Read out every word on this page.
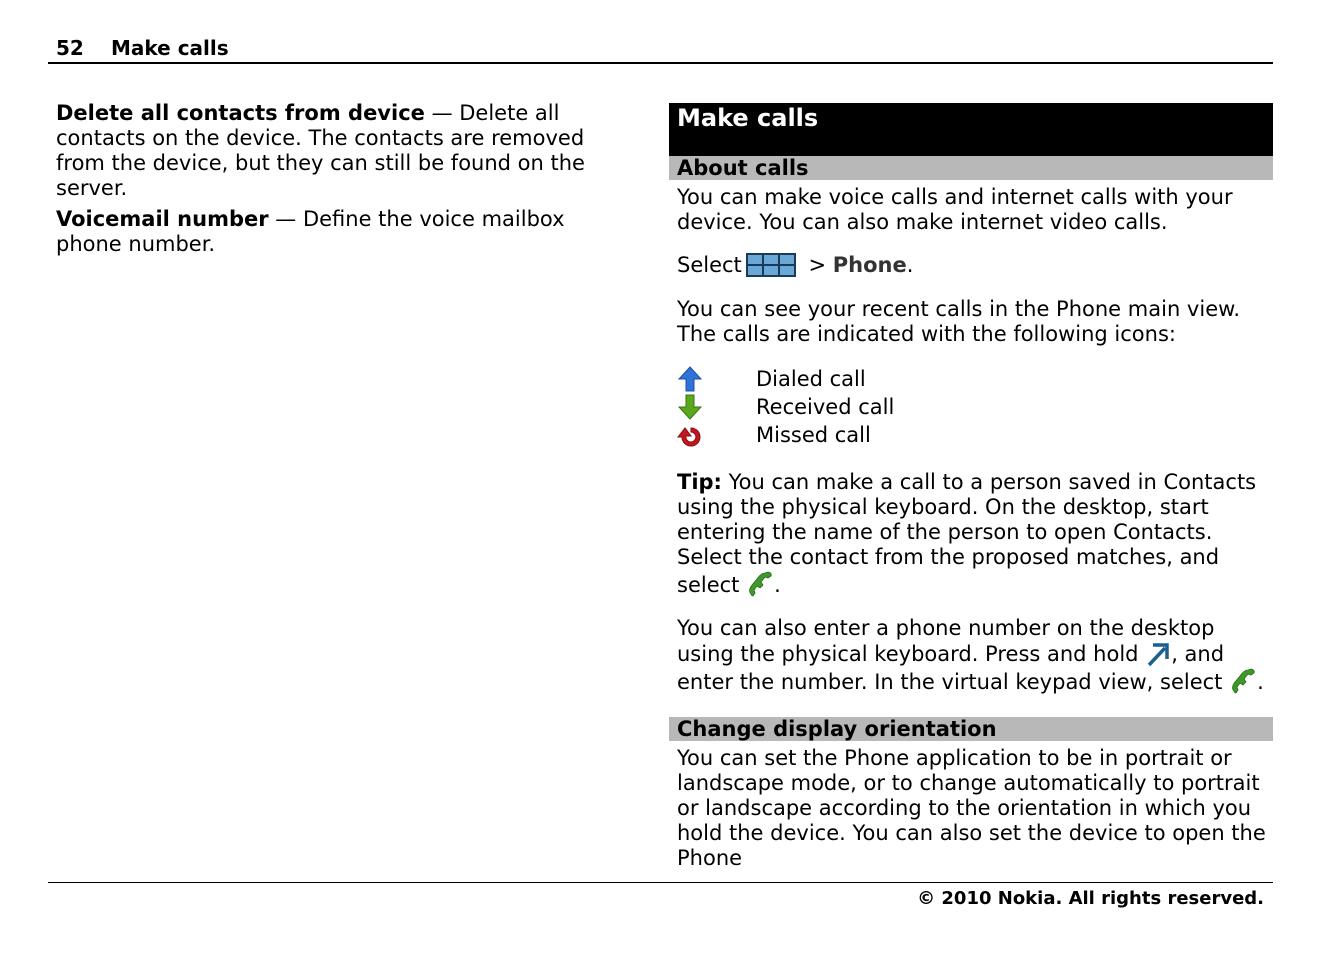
52 Make calls

Delete all contacts from device — Delete all contacts on the device. The contacts are removed from the device, but they can still be found on the server.

Voicemail number — Define the voice mailbox phone number.

Make calls
About calls

You can make voice calls and internet calls with your device. You can also make internet video calls.

Select	> Phone.

You can see your recent calls in the Phone main view. The calls are indicated with the following icons:

Dialed call
Received call
Missed call

Tip: You can make a call to a person saved in Contacts using the physical keyboard. On the desktop, start entering the name of the person to open Contacts. Select the contact from the proposed matches, and select .

You can also enter a phone number on the desktop using the physical keyboard. Press and hold , and enter the number. In the virtual keypad view, select .

Change display orientation

You can set the Phone application to be in portrait or landscape mode, or to change automatically to portrait or landscape according to the orientation in which you hold the device. You can also set the device to open the Phone

© 2010 Nokia. All rights reserved.
